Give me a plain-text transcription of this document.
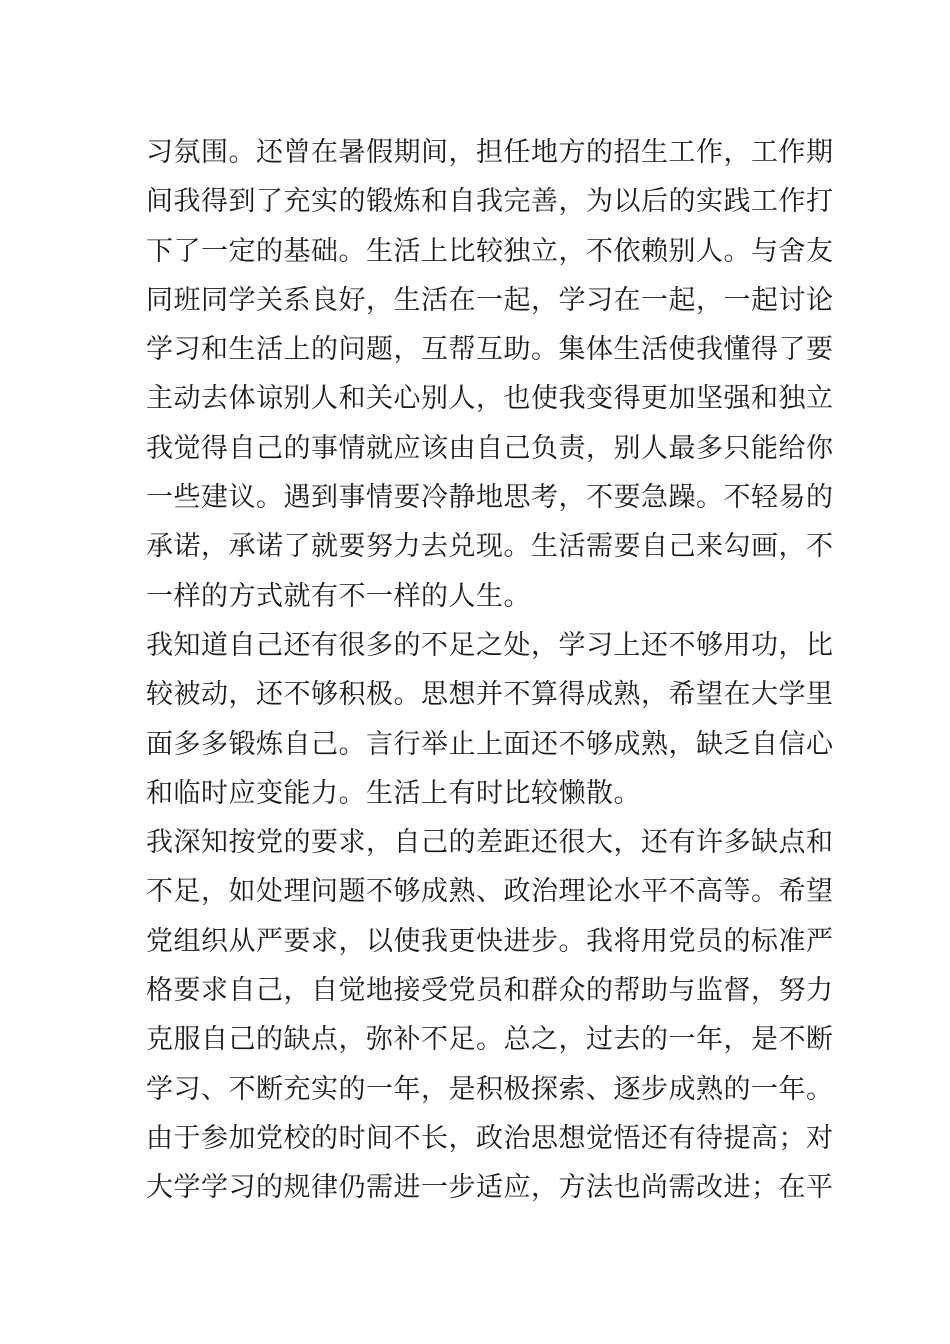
习氛围。还曾在暑假期间，担任地方的招生工作，工作期
间我得到了充实的锻炼和自我完善，为以后的实践工作打
下了一定的基础。生活上比较独立，不依赖别人。与舍友
同班同学关系良好，生活在一起，学习在一起，一起讨论
学习和生活上的问题，互帮互助。集体生活使我懂得了要
主动去体谅别人和关心别人，也使我变得更加坚强和独立
我觉得自己的事情就应该由自己负责，别人最多只能给你
一些建议。遇到事情要冷静地思考，不要急躁。不轻易的
承诺，承诺了就要努力去兑现。生活需要自己来勾画，不
一样的方式就有不一样的人生。
我知道自己还有很多的不足之处，学习上还不够用功，比
较被动，还不够积极。思想并不算得成熟，希望在大学里
面多多锻炼自己。言行举止上面还不够成熟，缺乏自信心
和临时应变能力。生活上有时比较懒散。
我深知按党的要求，自己的差距还很大，还有许多缺点和
不足，如处理问题不够成熟、政治理论水平不高等。希望
党组织从严要求，以使我更快进步。我将用党员的标准严
格要求自己，自觉地接受党员和群众的帮助与监督，努力
克服自己的缺点，弥补不足。总之，过去的一年，是不断
学习、不断充实的一年，是积极探索、逐步成熟的一年。
由于参加党校的时间不长，政治思想觉悟还有待提高；对
大学学习的规律仍需进一步适应，方法也尚需改进；在平
